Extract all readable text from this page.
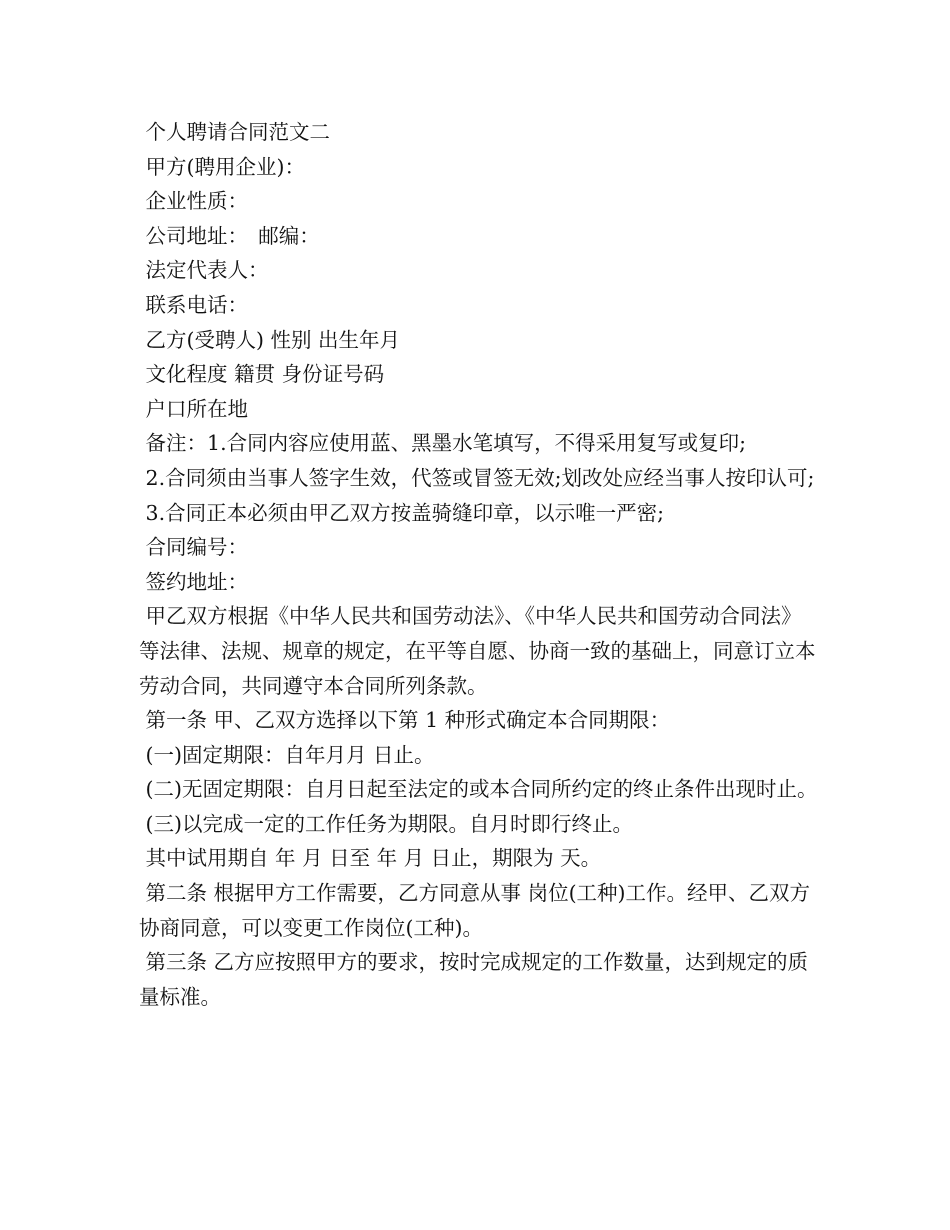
个人聘请合同范文二

甲方(聘用企业)：

企业性质：

公司地址：　邮编：

法定代表人：

联系电话：

乙方(受聘人) 性别 出生年月

文化程度 籍贯 身份证号码

户口所在地

备注：1.合同内容应使用蓝、黑墨水笔填写，不得采用复写或复印;

2.合同须由当事人签字生效，代签或冒签无效;划改处应经当事人按印认可;

3.合同正本必须由甲乙双方按盖骑缝印章，以示唯一严密;

合同编号：

签约地址：

甲乙双方根据《中华人民共和国劳动法》、《中华人民共和国劳动合同法》等法律、法规、规章的规定，在平等自愿、协商一致的基础上，同意订立本劳动合同，共同遵守本合同所列条款。

第一条 甲、乙双方选择以下第 1 种形式确定本合同期限：

(一)固定期限：自年月月 日止。

(二)无固定期限：自月日起至法定的或本合同所约定的终止条件出现时止。

(三)以完成一定的工作任务为期限。自月时即行终止。

其中试用期自 年 月 日至 年 月 日止，期限为 天。

第二条 根据甲方工作需要，乙方同意从事 岗位(工种)工作。经甲、乙双方协商同意，可以变更工作岗位(工种)。

第三条 乙方应按照甲方的要求，按时完成规定的工作数量，达到规定的质量标准。
